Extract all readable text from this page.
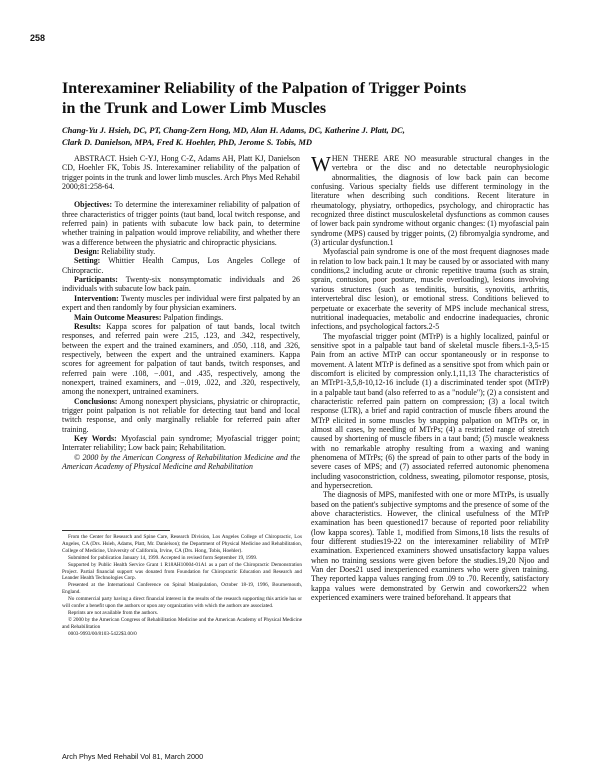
258
Interexaminer Reliability of the Palpation of Trigger Points
in the Trunk and Lower Limb Muscles
Chang-Yu J. Hsieh, DC, PT, Chang-Zern Hong, MD, Alan H. Adams, DC, Katherine J. Platt, DC,
Clark D. Danielson, MPA, Fred K. Hoehler, PhD, Jerome S. Tobis, MD

ABSTRACT. Hsieh C-YJ, Hong C-Z, Adams AH, Platt KJ, Danielson CD, Hoehler FK, Tobis JS. Interexaminer reliability of the palpation of trigger points in the trunk and lower limb muscles. Arch Phys Med Rehabil 2000;81:258-64.

Objectives: To determine the interexaminer reliability of palpation of three characteristics of trigger points (taut band, local twitch response, and referred pain) in patients with subacute low back pain, to determine whether training in palpation would improve reliability, and whether there was a difference between the physiatric and chiropractic physicians.

Design: Reliability study.

Setting: Whittier Health Campus, Los Angeles College of Chiropractic.

Participants: Twenty-six nonsymptomatic individuals and 26 individuals with subacute low back pain.

Intervention: Twenty muscles per individual were first palpated by an expert and then randomly by four physician examiners.

Main Outcome Measures: Palpation findings.

Results: Kappa scores for palpation of taut bands, local twitch responses, and referred pain were .215, .123, and .342, respectively, between the expert and the trained examiners, and .050, .118, and .326, respectively, between the expert and the untrained examiners. Kappa scores for agreement for palpation of taut bands, twitch responses, and referred pain were .108, −.001, and .435, respectively, among the nonexpert, trained examiners, and −.019, .022, and .320, respectively, among the nonexpert, untrained examiners.

Conclusions: Among nonexpert physicians, physiatric or chiropractic, trigger point palpation is not reliable for detecting taut band and local twitch response, and only marginally reliable for referred pain after training.

Key Words: Myofascial pain syndrome; Myofascial trigger point; Interrater reliability; Low back pain; Rehabilitation.

© 2000 by the American Congress of Rehabilitation Medicine and the American Academy of Physical Medicine and Rehabilitation

From the Center for Research and Spine Care, Research Division, Los Angeles College of Chiropractic, Los Angeles, CA (Drs. Hsieh, Adams, Platt, Mr. Danielson); the Department of Physical Medicine and Rehabilitation, College of Medicine, University of California, Irvine, CA (Drs. Hong, Tobis, Hoehler).

Submitted for publication January 14, 1999. Accepted in revised form September 19, 1999.

Supported by Public Health Service Grant 1 R18AH10004-01A1 as a part of the Chiropractic Demonstration Project. Partial financial support was donated from Foundation for Chiropractic Education and Research and Leander Health Technologies Corp.

Presented at the International Conference on Spinal Manipulation, October 18-19, 1996, Bournemouth, England.

No commercial party having a direct financial interest in the results of the research supporting this article has or will confer a benefit upon the authors or upon any organization with which the authors are associated.

Reprints are not available from the authors.

© 2000 by the American Congress of Rehabilitation Medicine and the American Academy of Physical Medicine and Rehabilitation

0003-9993/00/8103-5422$3.00/0

WHEN THERE ARE NO measurable structural changes in the vertebra or the disc and no detectable neurophysiologic abnormalities, the diagnosis of low back pain can become confusing. Various specialty fields use different terminology in the literature when describing such conditions. Recent literature in rheumatology, physiatry, orthopedics, psychology, and chiropractic has recognized three distinct musculoskeletal dysfunctions as common causes of lower back pain syndrome without organic changes: (1) myofascial pain syndrome (MPS) caused by trigger points, (2) fibromyalgia syndrome, and (3) articular dysfunction.1

Myofascial pain syndrome is one of the most frequent diagnoses made in relation to low back pain.1 It may be caused by or associated with many conditions,2 including acute or chronic repetitive trauma (such as strain, sprain, contusion, poor posture, muscle overloading), lesions involving various structures (such as tendinitis, bursitis, synovitis, arthritis, intervertebral disc lesion), or emotional stress. Conditions believed to perpetuate or exacerbate the severity of MPS include mechanical stress, nutritional inadequacies, metabolic and endocrine inadequacies, chronic infections, and psychological factors.2-5

The myofascial trigger point (MTrP) is a highly localized, painful or sensitive spot in a palpable taut band of skeletal muscle fibers.1-3,5-15 Pain from an active MTrP can occur spontaneously or in response to movement. A latent MTrP is defined as a sensitive spot from which pain or discomfort is elicited by compression only.1,11,13 The characteristics of an MTrP1-3,5,8-10,12-16 include (1) a discriminated tender spot (MTrP) in a palpable taut band (also referred to as a "nodule"); (2) a consistent and characteristic referred pain pattern on compression; (3) a local twitch response (LTR), a brief and rapid contraction of muscle fibers around the MTrP elicited in some muscles by snapping palpation on MTrPs or, in almost all cases, by needling of MTrPs; (4) a restricted range of stretch caused by shortening of muscle fibers in a taut band; (5) muscle weakness with no remarkable atrophy resulting from a waxing and waning phenomena of MTrPs; (6) the spread of pain to other parts of the body in severe cases of MPS; and (7) associated referred autonomic phenomena including vasoconstriction, coldness, sweating, pilomotor response, ptosis, and hypersecretion.

The diagnosis of MPS, manifested with one or more MTrPs, is usually based on the patient's subjective symptoms and the presence of some of the above characteristics. However, the clinical usefulness of the MTrP examination has been questioned17 because of reported poor reliability (low kappa scores). Table 1, modified from Simons,18 lists the results of four different studies19-22 on the interexaminer reliability of MTrP examination. Experienced examiners showed unsatisfactory kappa values when no training sessions were given before the studies.19,20 Njoo and Van der Does21 used inexperienced examiners who were given training. They reported kappa values ranging from .09 to .70. Recently, satisfactory kappa values were demonstrated by Gerwin and coworkers22 when experienced examiners were trained beforehand. It appears that

Arch Phys Med Rehabil Vol 81, March 2000
